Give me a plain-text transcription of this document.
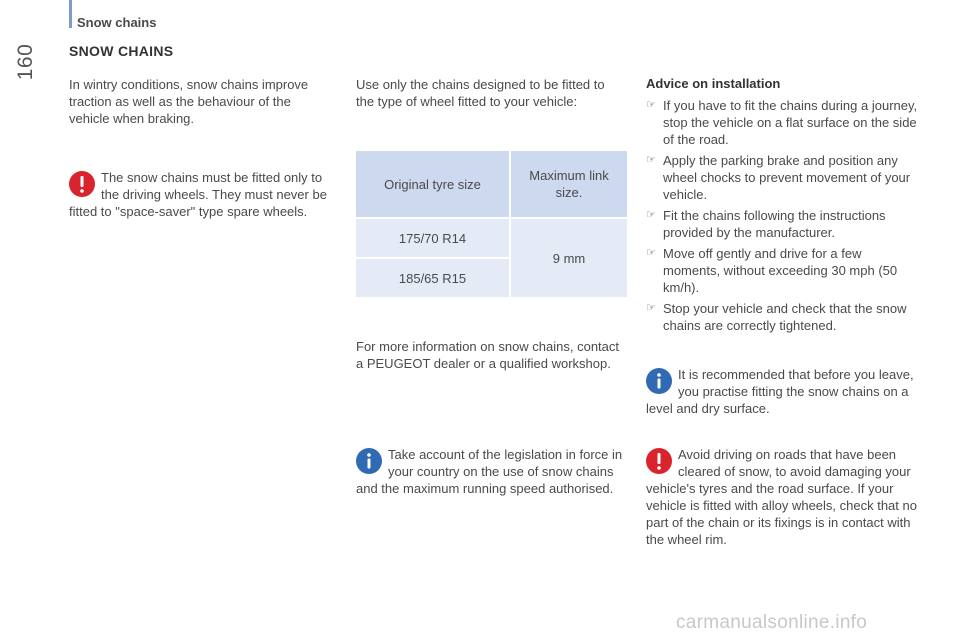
Snow chains
160	SNOW CHAINS

In wintry conditions, snow chains improve traction as well as the behaviour of the vehicle when braking.

The snow chains must be fitted only to the driving wheels. They must never be fitted to "space-saver" type spare wheels.

Use only the chains designed to be fitted to the type of wheel fitted to your vehicle:

Original tyre size	Maximum link size.
175/70 R14	9 mm
185/65 R15	

For more information on snow chains, contact a PEUGEOT dealer or a qualified workshop.

Take account of the legislation in force in your country on the use of snow chains and the maximum running speed authorised.
Advice on installation
☞ If you have to fit the chains during a journey, stop the vehicle on a flat surface on the side of the road.
☞ Apply the parking brake and position any wheel chocks to prevent movement of your vehicle.
☞ Fit the chains following the instructions provided by the manufacturer.
☞ Move off gently and drive for a few moments, without exceeding 30 mph (50 km/h).
☞ Stop your vehicle and check that the snow chains are correctly tightened.
It is recommended that before you leave, you practise fitting the snow chains on a level and dry surface.
Avoid driving on roads that have been cleared of snow, to avoid damaging your vehicle's tyres and the road surface. If your vehicle is fitted with alloy wheels, check that no part of the chain or its fixings is in contact with the wheel rim.
carmanualsonline.info
